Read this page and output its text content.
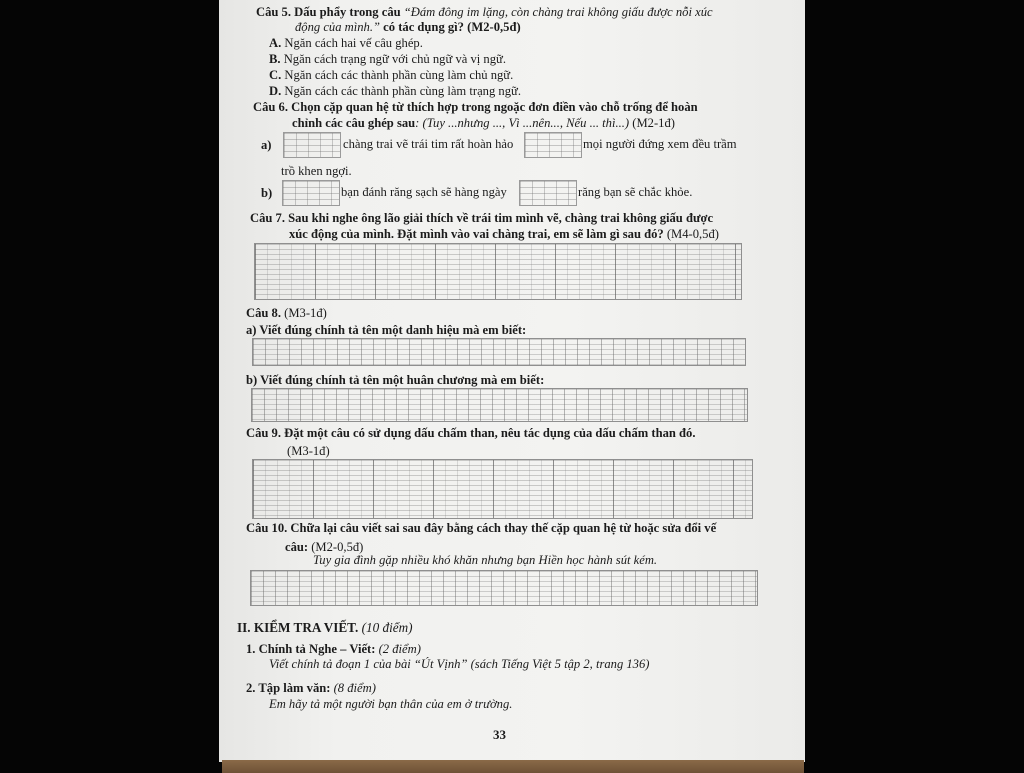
Câu 5. Dấu phẩy trong câu “Đám đông im lặng, còn chàng trai không giấu được nỗi xúc
động của mình.” có tác dụng gì? (M2-0,5đ)
A. Ngăn cách hai vế câu ghép.
B. Ngăn cách trạng ngữ với chủ ngữ và vị ngữ.
C. Ngăn cách các thành phần cùng làm chủ ngữ.
D. Ngăn cách các thành phần cùng làm trạng ngữ.
Câu 6. Chọn cặp quan hệ từ thích hợp trong ngoặc đơn điền vào chỗ trống để hoàn
chỉnh các câu ghép sau: (Tuy ...nhưng ..., Vì ...nên..., Nếu ... thì...) (M2-1đ)
a)	chàng trai vẽ trái tim rất hoàn hảo	mọi người đứng xem đều trầm
trồ khen ngợi.
b)	bạn đánh răng sạch sẽ hàng ngày	răng bạn sẽ chắc khỏe.
Câu 7. Sau khi nghe ông lão giải thích về trái tim mình vẽ, chàng trai không giấu được
xúc động của mình. Đặt mình vào vai chàng trai, em sẽ làm gì sau đó? (M4-0,5đ)
Câu 8. (M3-1đ)
a) Viết đúng chính tả tên một danh hiệu mà em biết:
b) Viết đúng chính tả tên một huân chương mà em biết:
Câu 9. Đặt một câu có sử dụng dấu chấm than, nêu tác dụng của dấu chấm than đó.
(M3-1đ)
Câu 10. Chữa lại câu viết sai sau đây bằng cách thay thế cặp quan hệ từ hoặc sửa đổi vế
câu: (M2-0,5đ)
Tuy gia đình gặp nhiều khó khăn nhưng bạn Hiền học hành sút kém.
II. KIỂM TRA VIẾT. (10 điểm)
1. Chính tả Nghe – Viết: (2 điểm)
Viết chính tả đoạn 1 của bài “Út Vịnh” (sách Tiếng Việt 5 tập 2, trang 136)
2. Tập làm văn: (8 điểm)
Em hãy tả một người bạn thân của em ở trường.
33
